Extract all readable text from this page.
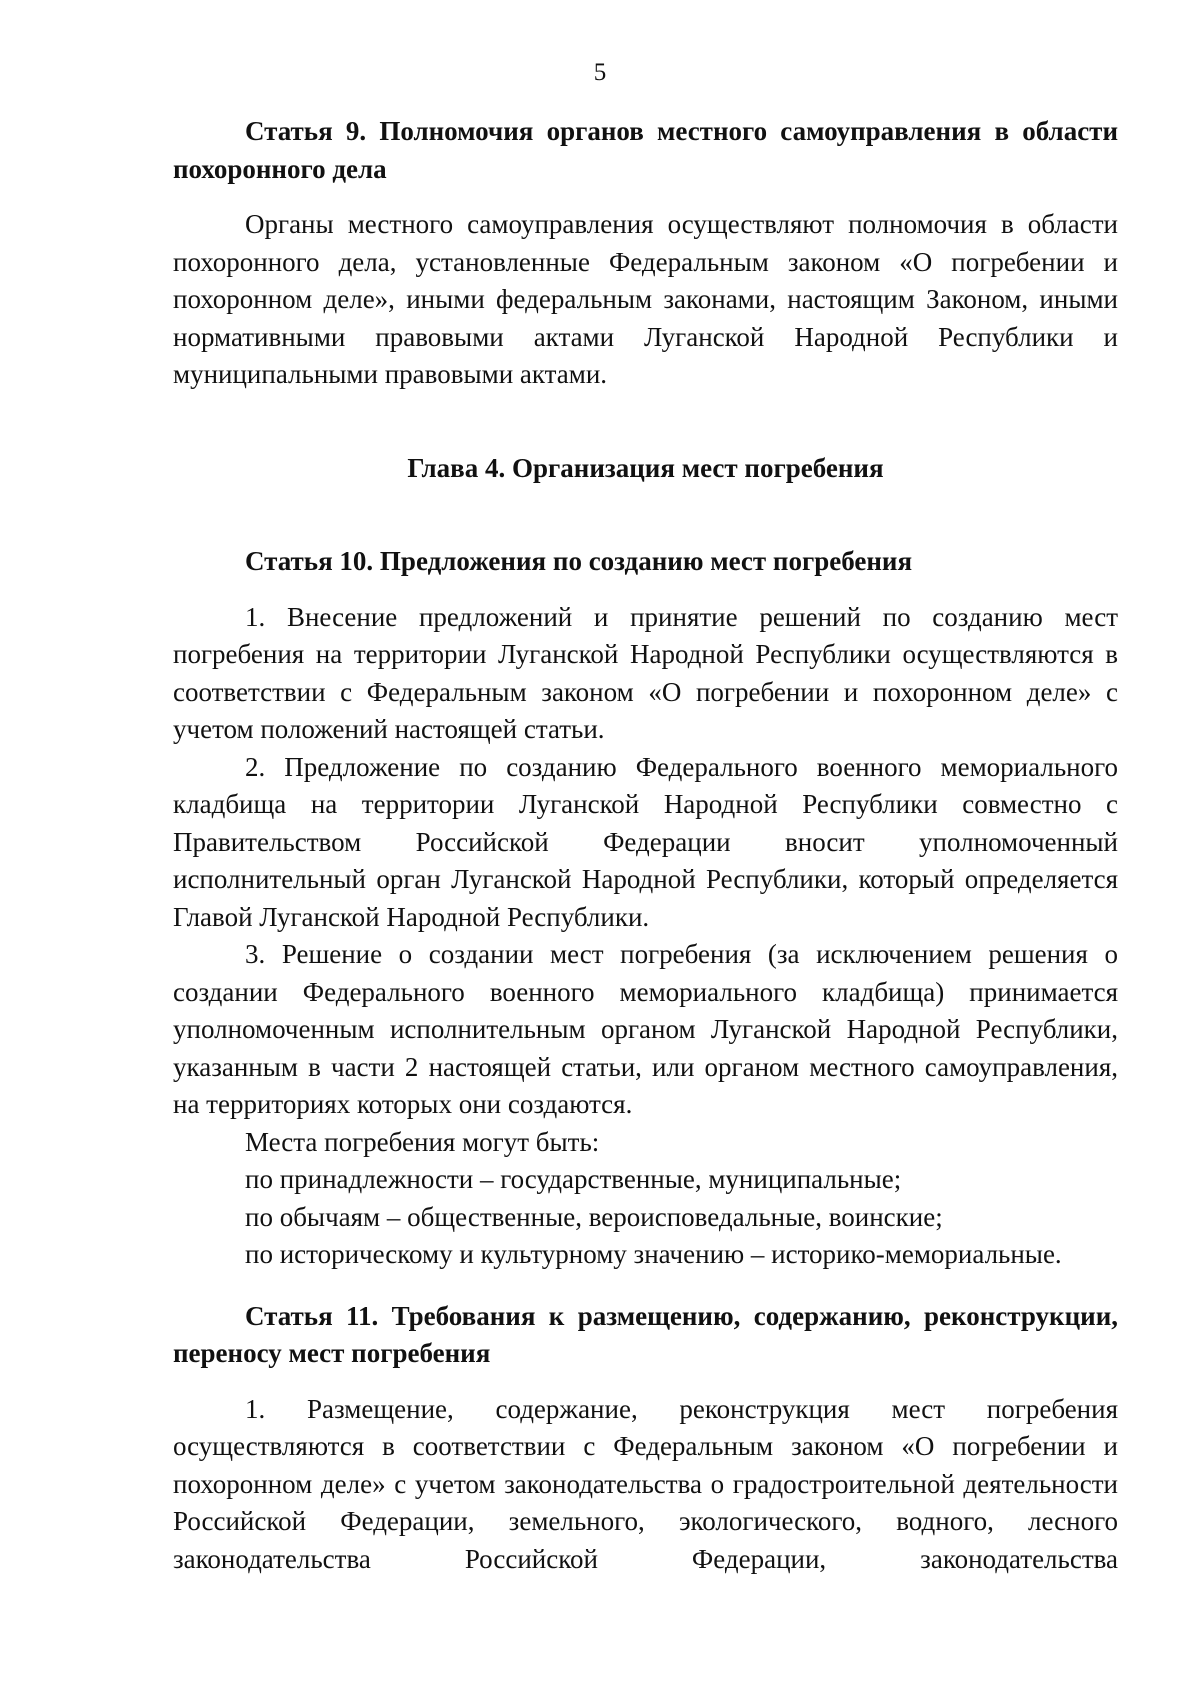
5

Статья 9. Полномочия органов местного самоуправления в области похоронного дела

Органы местного самоуправления осуществляют полномочия в области похоронного дела, установленные Федеральным законом «О погребении и похоронном деле», иными федеральным законами, настоящим Законом, иными нормативными правовыми актами Луганской Народной Республики и муниципальными правовыми актами.

Глава 4. Организация мест погребения

Статья 10. Предложения по созданию мест погребения

1. Внесение предложений и принятие решений по созданию мест погребения на территории Луганской Народной Республики осуществляются в соответствии с Федеральным законом «О погребении и похоронном деле» с учетом положений настоящей статьи.

2. Предложение по созданию Федерального военного мемориального кладбища на территории Луганской Народной Республики совместно с Правительством Российской Федерации вносит уполномоченный исполнительный орган Луганской Народной Республики, который определяется Главой Луганской Народной Республики.

3. Решение о создании мест погребения (за исключением решения о создании Федерального военного мемориального кладбища) принимается уполномоченным исполнительным органом Луганской Народной Республики, указанным в части 2 настоящей статьи, или органом местного самоуправления, на территориях которых они создаются.

Места погребения могут быть:

по принадлежности – государственные, муниципальные;

по обычаям – общественные, вероисповедальные, воинские;

по историческому и культурному значению – историко-мемориальные.

Статья 11. Требования к размещению, содержанию, реконструкции, переносу мест погребения

1. Размещение, содержание, реконструкция мест погребения осуществляются в соответствии с Федеральным законом «О погребении и похоронном деле» с учетом законодательства о градостроительной деятельности Российской Федерации, земельного, экологического, водного, лесного законодательства Российской Федерации, законодательства
